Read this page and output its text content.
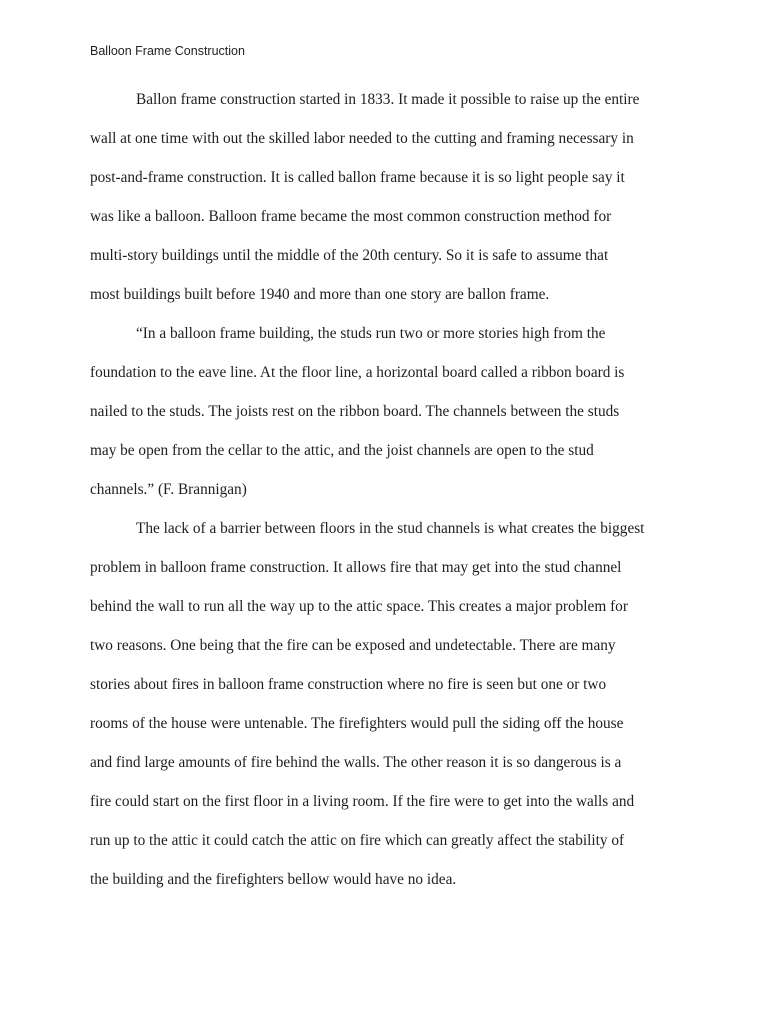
Balloon Frame Construction
Ballon frame construction started in 1833. It made it possible to raise up the entire
wall at one time with out the skilled labor needed to the cutting and framing necessary in
post-and-frame construction. It is called ballon frame because it is so light people say it
was like a balloon. Balloon frame became the most common construction method for
multi-story buildings until the middle of the 20th century. So it is safe to assume that
most buildings built before 1940 and more than one story are ballon frame.
“In a balloon frame building, the studs run two or more stories high from the
foundation to the eave line. At the floor line, a horizontal board called a ribbon board is
nailed to the studs. The joists rest on the ribbon board. The channels between the studs
may be open from the cellar to the attic, and the joist channels are open to the stud
channels.” (F. Brannigan)
The lack of a barrier between floors in the stud channels is what creates the biggest
problem in balloon frame construction. It allows fire that may get into the stud channel
behind the wall to run all the way up to the attic space. This creates a major problem for
two reasons. One being that the fire can be exposed and undetectable. There are many
stories about fires in balloon frame construction where no fire is seen but one or two
rooms of the house were untenable. The firefighters would pull the siding off the house
and find large amounts of fire behind the walls. The other reason it is so dangerous is a
fire could start on the first floor in a living room. If the fire were to get into the walls and
run up to the attic it could catch the attic on fire which can greatly affect the stability of
the building and the firefighters bellow would have no idea.
